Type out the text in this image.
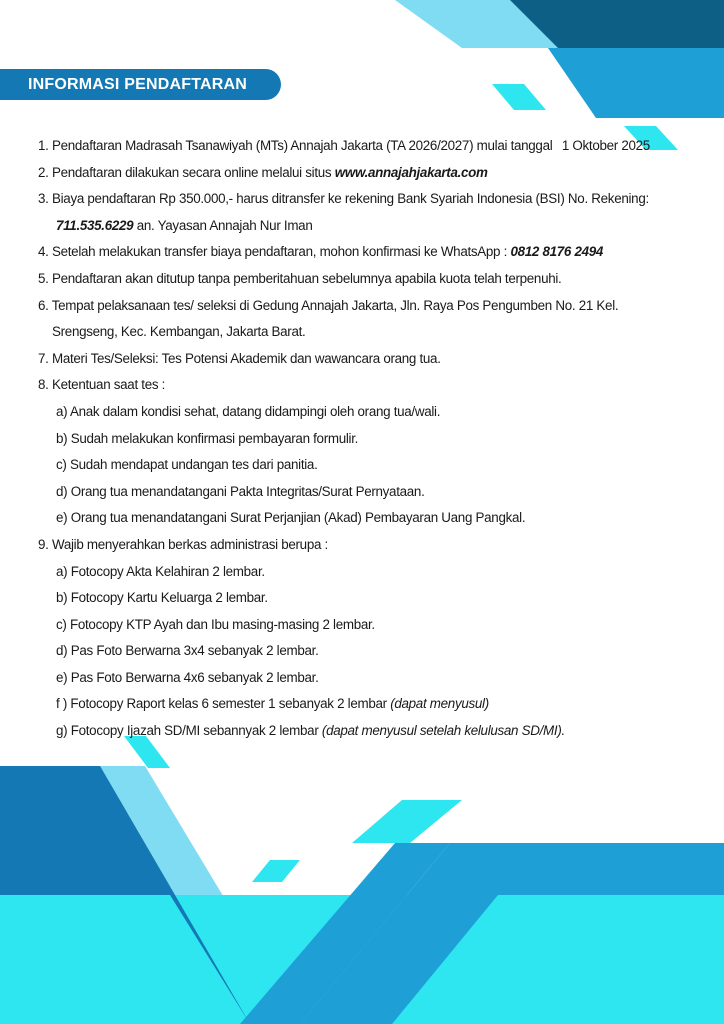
INFORMASI PENDAFTARAN
1. Pendaftaran Madrasah Tsanawiyah (MTs) Annajah Jakarta (TA 2026/2027) mulai tanggal 1 Oktober 2025
2. Pendaftaran dilakukan secara online melalui situs www.annajahjakarta.com
3. Biaya pendaftaran Rp 350.000,- harus ditransfer ke rekening Bank Syariah Indonesia (BSI) No. Rekening:
711.535.6229 an. Yayasan Annajah Nur Iman
4. Setelah melakukan transfer biaya pendaftaran, mohon konfirmasi ke WhatsApp : 0812 8176 2494
5. Pendaftaran akan ditutup tanpa pemberitahuan sebelumnya apabila kuota telah terpenuhi.
6. Tempat pelaksanaan tes/ seleksi di Gedung Annajah Jakarta, Jln. Raya Pos Pengumben No. 21 Kel.
Srengseng, Kec. Kembangan, Jakarta Barat.
7. Materi Tes/Seleksi: Tes Potensi Akademik dan wawancara orang tua.
8. Ketentuan saat tes :
a) Anak dalam kondisi sehat, datang didampingi oleh orang tua/wali.
b) Sudah melakukan konfirmasi pembayaran formulir.
c) Sudah mendapat undangan tes dari panitia.
d) Orang tua menandatangani Pakta Integritas/Surat Pernyataan.
e) Orang tua menandatangani Surat Perjanjian (Akad) Pembayaran Uang Pangkal.
9. Wajib menyerahkan berkas administrasi berupa :
a) Fotocopy Akta Kelahiran 2 lembar.
b) Fotocopy Kartu Keluarga 2 lembar.
c) Fotocopy KTP Ayah dan Ibu masing-masing 2 lembar.
d) Pas Foto Berwarna 3x4 sebanyak 2 lembar.
e) Pas Foto Berwarna 4x6 sebanyak 2 lembar.
f ) Fotocopy Raport kelas 6 semester 1 sebanyak 2 lembar (dapat menyusul)
g) Fotocopy Ijazah SD/MI sebannyak 2 lembar (dapat menyusul setelah kelulusan SD/MI).
